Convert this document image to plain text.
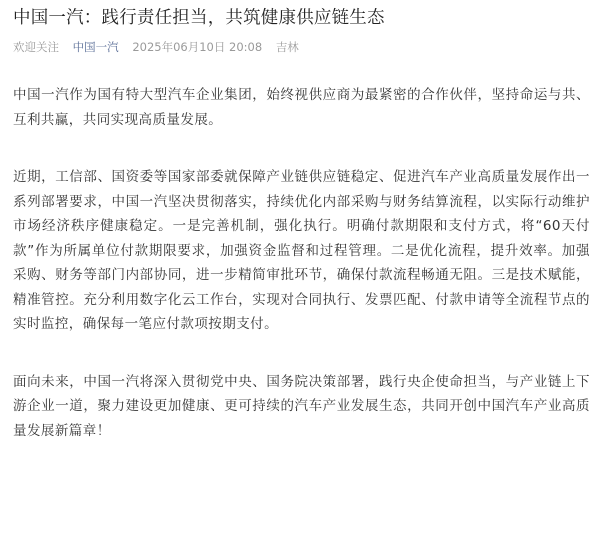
中国一汽：践行责任担当，共筑健康供应链生态
欢迎关注 中国一汽 2025年06月10日 20:08 吉林

中国一汽作为国有特大型汽车企业集团，始终视供应商为最紧密的合作伙伴，坚持命运与共、互利共赢，共同实现高质量发展。

近期，工信部、国资委等国家部委就保障产业链供应链稳定、促进汽车产业高质量发展作出一系列部署要求，中国一汽坚决贯彻落实，持续优化内部采购与财务结算流程，以实际行动维护市场经济秩序健康稳定。一是完善机制，强化执行。明确付款期限和支付方式，将“60天付款”作为所属单位付款期限要求，加强资金监督和过程管理。二是优化流程，提升效率。加强采购、财务等部门内部协同，进一步精简审批环节，确保付款流程畅通无阻。三是技术赋能，精准管控。充分利用数字化云工作台，实现对合同执行、发票匹配、付款申请等全流程节点的实时监控，确保每一笔应付款项按期支付。

面向未来，中国一汽将深入贯彻党中央、国务院决策部署，践行央企使命担当，与产业链上下游企业一道，聚力建设更加健康、更可持续的汽车产业发展生态，共同开创中国汽车产业高质量发展新篇章！
